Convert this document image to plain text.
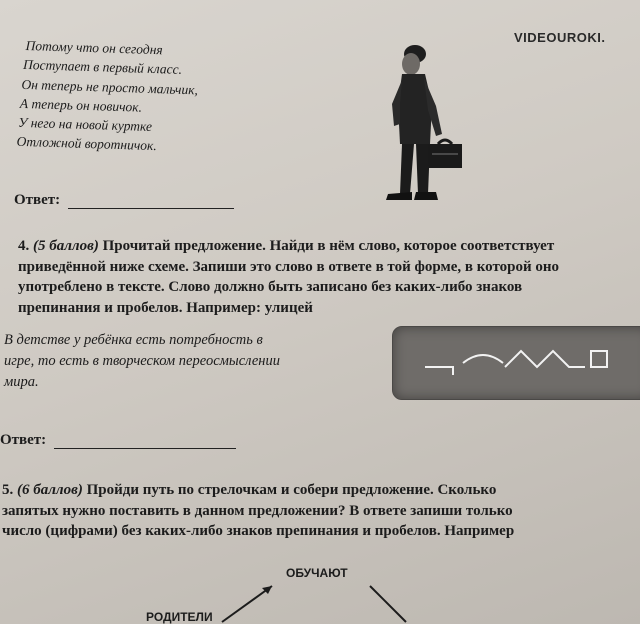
VIDEOUROKI.
Потому что он сегодня
Поступает в первый класс.
Он теперь не просто мальчик,
А теперь он новичок.
У него на новой куртке
Отложной воротничок.
Ответ:
4. (5 баллов) Прочитай предложение. Найди в нём слово, которое соответствует
приведённой ниже схеме. Запиши это слово в ответе в той форме, в которой оно
употреблено в тексте. Слово должно быть записано без каких-либо знаков
препинания и пробелов. Например: улицей
В детстве у ребёнка есть потребность в
игре, то есть в творческом переосмыслении
мира.
Ответ:
5. (6 баллов) Пройди путь по стрелочкам и собери предложение. Сколько
запятых нужно поставить в данном предложении? В ответе запиши только
число (цифрами) без каких-либо знаков препинания и пробелов. Например
ОБУЧАЮТ
РОДИТЕЛИ
